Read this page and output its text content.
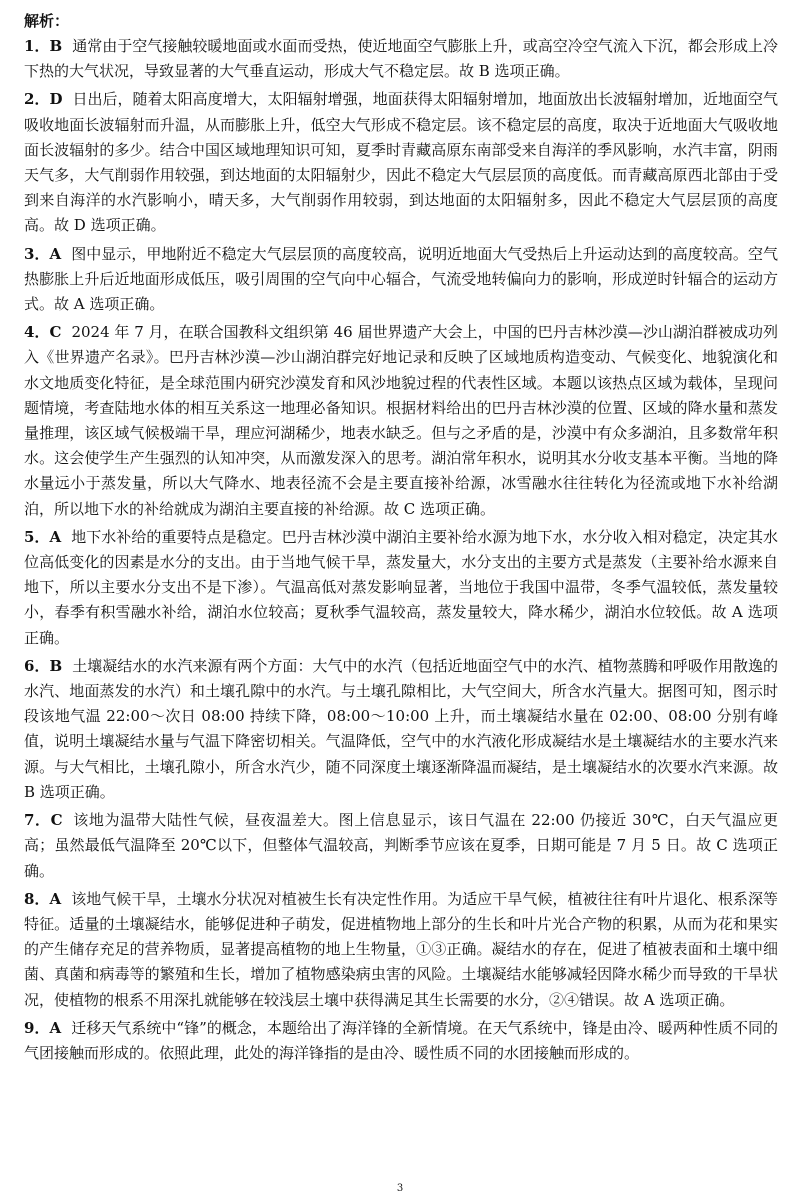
解析：

1．B 通常由于空气接触较暖地面或水面而受热，使近地面空气膨胀上升，或高空冷空气流入下沉，都会形成上冷下热的大气状况，导致显著的大气垂直运动，形成大气不稳定层。故 B 选项正确。

2．D 日出后，随着太阳高度增大，太阳辐射增强，地面获得太阳辐射增加，地面放出长波辐射增加，近地面空气吸收地面长波辐射而升温，从而膨胀上升，低空大气形成不稳定层。该不稳定层的高度，取决于近地面大气吸收地面长波辐射的多少。结合中国区域地理知识可知，夏季时青藏高原东南部受来自海洋的季风影响，水汽丰富，阴雨天气多，大气削弱作用较强，到达地面的太阳辐射少，因此不稳定大气层层顶的高度低。而青藏高原西北部由于受到来自海洋的水汽影响小，晴天多，大气削弱作用较弱，到达地面的太阳辐射多，因此不稳定大气层层顶的高度高。故 D 选项正确。

3．A 图中显示，甲地附近不稳定大气层层顶的高度较高，说明近地面大气受热后上升运动达到的高度较高。空气热膨胀上升后近地面形成低压，吸引周围的空气向中心辐合，气流受地转偏向力的影响，形成逆时针辐合的运动方式。故 A 选项正确。

4．C 2024 年 7 月，在联合国教科文组织第 46 届世界遗产大会上，中国的巴丹吉林沙漠—沙山湖泊群被成功列入《世界遗产名录》。巴丹吉林沙漠—沙山湖泊群完好地记录和反映了区域地质构造变动、气候变化、地貌演化和水文地质变化特征，是全球范围内研究沙漠发育和风沙地貌过程的代表性区域。本题以该热点区域为载体，呈现问题情境，考查陆地水体的相互关系这一地理必备知识。根据材料给出的巴丹吉林沙漠的位置、区域的降水量和蒸发量推理，该区域气候极端干旱，理应河湖稀少，地表水缺乏。但与之矛盾的是，沙漠中有众多湖泊，且多数常年积水。这会使学生产生强烈的认知冲突，从而激发深入的思考。湖泊常年积水，说明其水分收支基本平衡。当地的降水量远小于蒸发量，所以大气降水、地表径流不会是主要直接补给源，冰雪融水往往转化为径流或地下水补给湖泊，所以地下水的补给就成为湖泊主要直接的补给源。故 C 选项正确。

5．A 地下水补给的重要特点是稳定。巴丹吉林沙漠中湖泊主要补给水源为地下水，水分收入相对稳定，决定其水位高低变化的因素是水分的支出。由于当地气候干旱，蒸发量大，水分支出的主要方式是蒸发（主要补给水源来自地下，所以主要水分支出不是下渗）。气温高低对蒸发影响显著，当地位于我国中温带，冬季气温较低，蒸发量较小，春季有积雪融水补给，湖泊水位较高；夏秋季气温较高，蒸发量较大，降水稀少，湖泊水位较低。故 A 选项正确。

6．B 土壤凝结水的水汽来源有两个方面：大气中的水汽（包括近地面空气中的水汽、植物蒸腾和呼吸作用散逸的水汽、地面蒸发的水汽）和土壤孔隙中的水汽。与土壤孔隙相比，大气空间大，所含水汽量大。据图可知，图示时段该地气温 22:00～次日 08:00 持续下降，08:00～10:00 上升，而土壤凝结水量在 02:00、08:00 分别有峰值，说明土壤凝结水量与气温下降密切相关。气温降低，空气中的水汽液化形成凝结水是土壤凝结水的主要水汽来源。与大气相比，土壤孔隙小，所含水汽少，随不同深度土壤逐渐降温而凝结，是土壤凝结水的次要水汽来源。故 B 选项正确。

7．C 该地为温带大陆性气候，昼夜温差大。图上信息显示，该日气温在 22:00 仍接近 30℃，白天气温应更高；虽然最低气温降至 20℃以下，但整体气温较高，判断季节应该在夏季，日期可能是 7 月 5 日。故 C 选项正确。

8．A 该地气候干旱，土壤水分状况对植被生长有决定性作用。为适应干旱气候，植被往往有叶片退化、根系深等特征。适量的土壤凝结水，能够促进种子萌发，促进植物地上部分的生长和叶片光合产物的积累，从而为花和果实的产生储存充足的营养物质，显著提高植物的地上生物量，①③正确。凝结水的存在，促进了植被表面和土壤中细菌、真菌和病毒等的繁殖和生长，增加了植物感染病虫害的风险。土壤凝结水能够减轻因降水稀少而导致的干旱状况，使植物的根系不用深扎就能够在较浅层土壤中获得满足其生长需要的水分，②④错误。故 A 选项正确。

9．A 迁移天气系统中“锋”的概念，本题给出了海洋锋的全新情境。在天气系统中，锋是由冷、暖两种性质不同的气团接触而形成的。依照此理，此处的海洋锋指的是由冷、暖性质不同的水团接触而形成的。

3
